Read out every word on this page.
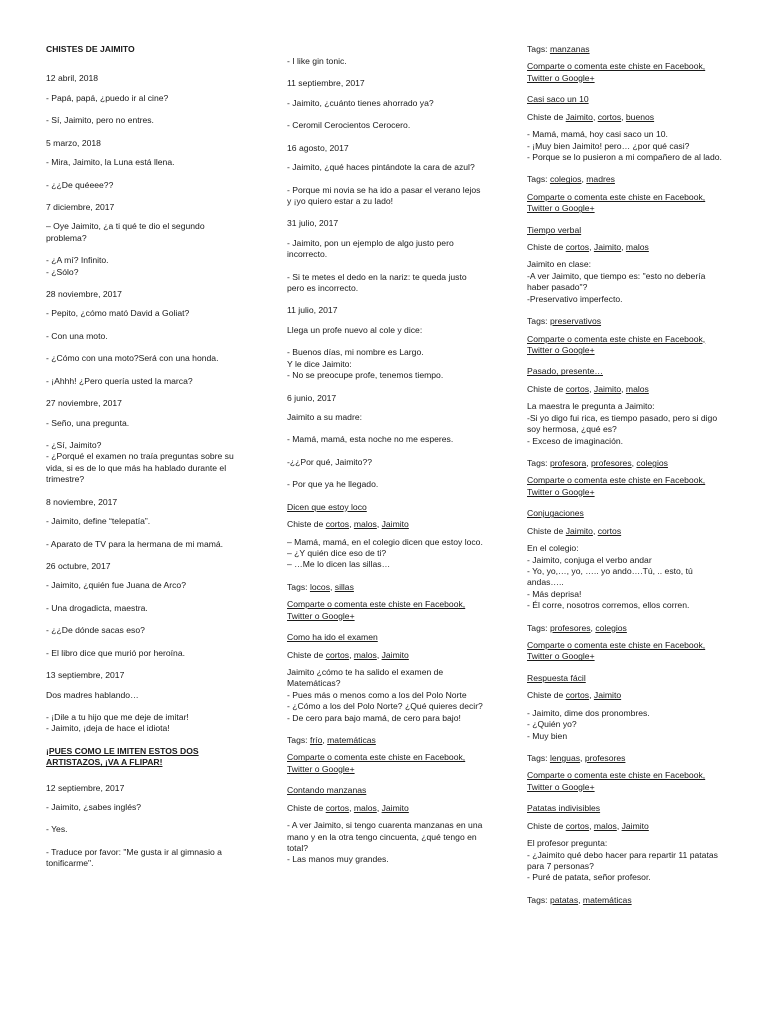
CHISTES DE JAIMITO
12 abril, 2018
- Papá, papá, ¿puedo ir al cine?
- Sí, Jaimito, pero no entres.
5 marzo, 2018
- Mira, Jaimito, la Luna está llena.
- ¿¿De quéeee??
7 diciembre, 2017
– Oye Jaimito, ¿a ti qué te dio el segundo problema?
- ¿A mí? Infinito.
- ¿Sólo?
28 noviembre, 2017
- Pepito, ¿cómo mató David a Goliat?
- Con una moto.
- ¿Cómo con una moto?Será con una honda.
- ¡Ahhh! ¿Pero quería usted la marca?
27 noviembre, 2017
- Seño, una pregunta.
- ¿Sí, Jaimito?
- ¿Porqué el examen no traía preguntas sobre su vida, si es de lo que más ha hablado durante el trimestre?
8 noviembre, 2017
- Jaimito, define “telepatía”.
- Aparato de TV para la hermana de mi mamá.
26 octubre, 2017
- Jaimito, ¿quién fue Juana de Arco?
- Una drogadicta, maestra.
- ¿¿De dónde sacas eso?
- El libro dice que murió por heroína.
13 septiembre, 2017
Dos madres hablando…
- ¡Dile a tu hijo que me deje de imitar!
- Jaimito, ¡deja de hace el idiota!
¡PUES COMO LE IMITEN ESTOS DOS ARTISTAZOS, ¡VA A FLIPAR!
12 septiembre, 2017
- Jaimito, ¿sabes inglés?
- Yes.
- Traduce por favor: "Me gusta ir al gimnasio a tonificarme".
- I like gin tonic.
11 septiembre, 2017
- Jaimito, ¿cuánto tienes ahorrado ya?
- Ceromil Cerocientos Cerocero.
16 agosto, 2017
- Jaimito, ¿qué haces pintándote la cara de azul?
- Porque mi novia se ha ido a pasar el verano lejos y ¡yo quiero estar a zu lado!
31 julio, 2017
- Jaimito, pon un ejemplo de algo justo pero incorrecto.
- Si te metes el dedo en la nariz: te queda justo pero es incorrecto.
11 julio, 2017
Llega un profe nuevo al cole y dice:
- Buenos días, mi nombre es Largo.
Y le dice Jaimito:
- No se preocupe profe, tenemos tiempo.
6 junio, 2017
Jaimito a su madre:
- Mamá, mamá, esta noche no me esperes.
-¿¿Por qué, Jaimito??
- Por que ya he llegado.
Dicen que estoy loco
Chiste de cortos, malos, Jaimito
– Mamá, mamá, en el colegio dicen que estoy loco.
– ¿Y quién dice eso de ti?
– …Me lo dicen las sillas…
Tags: locos, sillas
Comparte o comenta este chiste en Facebook, Twitter o Google+
Como ha ido el examen
Chiste de cortos, malos, Jaimito
Jaimito ¿cómo te ha salido el examen de Matemáticas?
- Pues más o menos como a los del Polo Norte
- ¿Cómo a los del Polo Norte? ¿Qué quieres decir?
- De cero para bajo mamá, de cero para bajo!
Tags: frío, matemáticas
Comparte o comenta este chiste en Facebook, Twitter o Google+
Contando manzanas
Chiste de cortos, malos, Jaimito
- A ver Jaimito, si tengo cuarenta manzanas en una mano y en la otra tengo cincuenta, ¿qué tengo en total?
- Las manos muy grandes.
Tags: manzanas
Comparte o comenta este chiste en Facebook, Twitter o Google+
Casi saco un 10
Chiste de Jaimito, cortos, buenos
- Mamá, mamá, hoy casi saco un 10.
- ¡Muy bien Jaimito! pero… ¿por qué casi?
- Porque se lo pusieron a mi compañero de al lado.
Tags: colegios, madres
Comparte o comenta este chiste en Facebook, Twitter o Google+
Tiempo verbal
Chiste de cortos, Jaimito, malos
Jaimito en clase:
-A ver Jaimito, que tiempo es: "esto no debería haber pasado"?
-Preservativo imperfecto.
Tags: preservativos
Comparte o comenta este chiste en Facebook, Twitter o Google+
Pasado, presente…
Chiste de cortos, Jaimito, malos
La maestra le pregunta a Jaimito:
-Si yo digo fui rica, es tiempo pasado, pero si digo soy hermosa, ¿qué es?
- Exceso de imaginación.
Tags: profesora, profesores, colegios
Comparte o comenta este chiste en Facebook, Twitter o Google+
Conjugaciones
Chiste de Jaimito, cortos
En el colegio:
- Jaimito, conjuga el verbo andar
- Yo, yo,…, yo, ….. yo ando….Tú, .. esto, tú andas…..
- Más deprisa!
- Él corre, nosotros corremos, ellos corren.
Tags: profesores, colegios
Comparte o comenta este chiste en Facebook, Twitter o Google+
Respuesta fácil
Chiste de cortos, Jaimito
- Jaimito, dime dos pronombres.
- ¿Quién yo?
- Muy bien
Tags: lenguas, profesores
Comparte o comenta este chiste en Facebook, Twitter o Google+
Patatas indivisibles
Chiste de cortos, malos, Jaimito
El profesor pregunta:
- ¿Jaimito qué debo hacer para repartir 11 patatas para 7 personas?
- Puré de patata, señor profesor.
Tags: patatas, matemáticas
